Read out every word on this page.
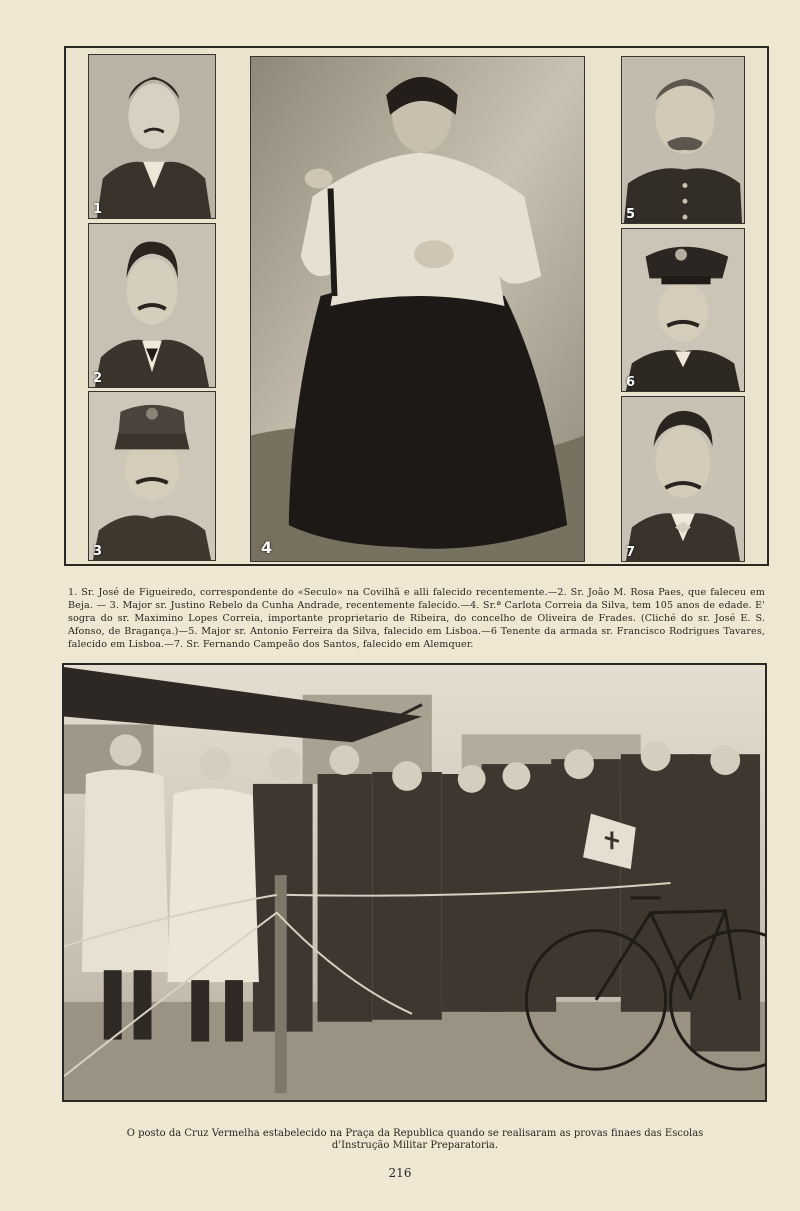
1
2
3	4
5
6
7
1. Sr. José de Figueiredo, correspondente do «Seculo» na Covilhã e alli falecido recentemente.—2. Sr. João M. Rosa Paes, que faleceu em Beja. — 3. Major sr. Justino Rebelo da Cunha Andrade, recentemente falecido.—4. Sr.ª Carlota Correia da Silva, tem 105 anos de edade. E' sogra do sr. Maximino Lopes Correia, importante proprietario de Ribeira, do concelho de Oliveira de Frades. (Cliché do sr. José E. S. Afonso, de Bragança.)—5. Major sr. Antonio Ferreira da Silva, falecido em Lisboa.—6 Tenente da armada sr. Francisco Rodrigues Tavares, falecido em Lisboa.—7. Sr. Fernando Campeão dos Santos, falecido em Alemquer.
O posto da Cruz Vermelha estabelecido na Praça da Republica quando se realisaram as provas finaes das Escolas
d'Instrução Militar Preparatoria.
216
